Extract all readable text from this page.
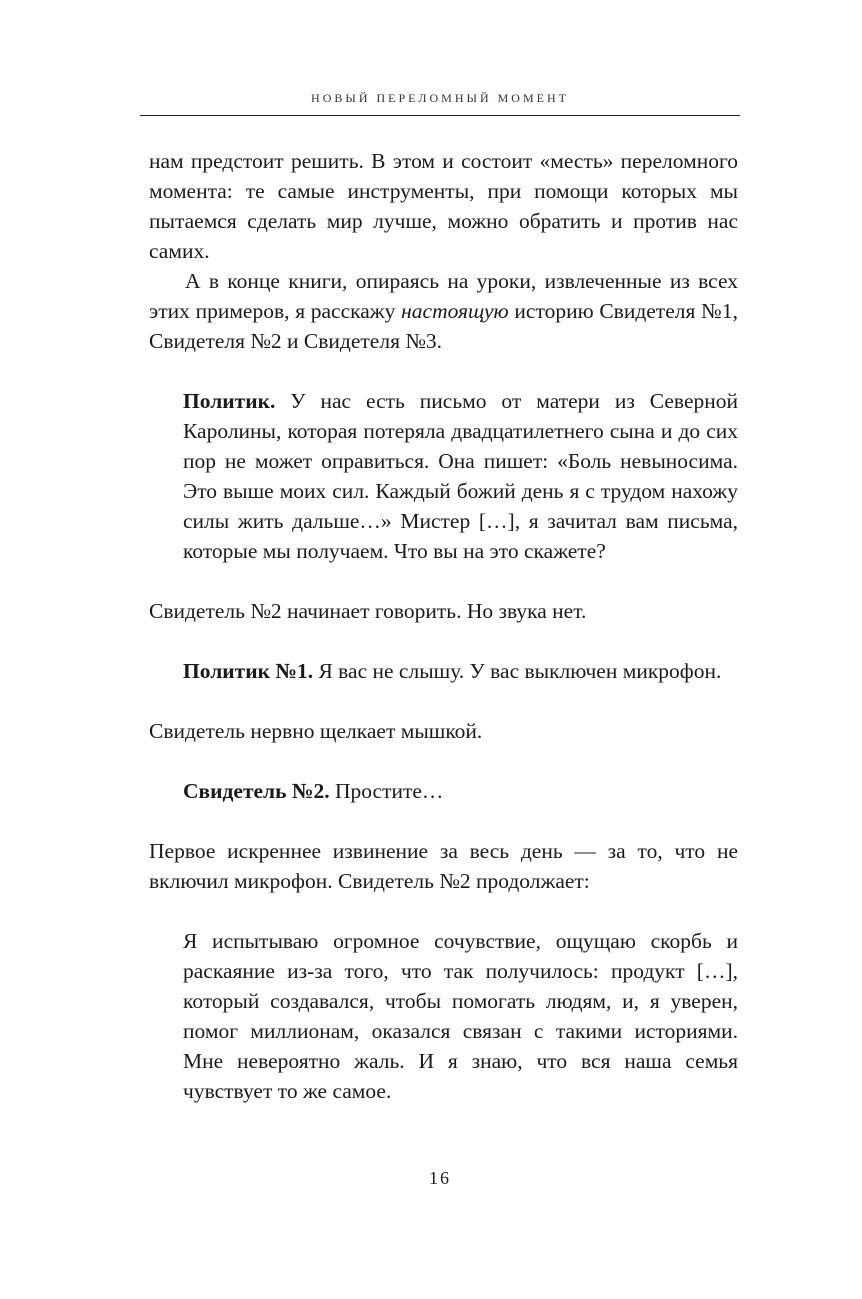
НОВЫЙ ПЕРЕЛОМНЫЙ МОМЕНТ

нам предстоит решить. В этом и состоит «месть» переломного момента: те самые инструменты, при помощи которых мы пытаемся сделать мир лучше, можно обратить и против нас самих.

А в конце книги, опираясь на уроки, извлеченные из всех этих примеров, я расскажу настоящую историю Свидетеля №1, Свидетеля №2 и Свидетеля №3.

Политик. У нас есть письмо от матери из Северной Каролины, которая потеряла двадцатилетнего сына и до сих пор не может оправиться. Она пишет: «Боль невыносима. Это выше моих сил. Каждый божий день я с трудом нахожу силы жить дальше…» Мистер […], я зачитал вам письма, которые мы получаем. Что вы на это скажете?

Свидетель №2 начинает говорить. Но звука нет.

Политик №1. Я вас не слышу. У вас выключен микрофон.

Свидетель нервно щелкает мышкой.

Свидетель №2. Простите…

Первое искреннее извинение за весь день — за то, что не включил микрофон. Свидетель №2 продолжает:

Я испытываю огромное сочувствие, ощущаю скорбь и раскаяние из-за того, что так получилось: продукт […], который создавался, чтобы помогать людям, и, я уверен, помог миллионам, оказался связан с такими историями. Мне невероятно жаль. И я знаю, что вся наша семья чувствует то же самое.

16
